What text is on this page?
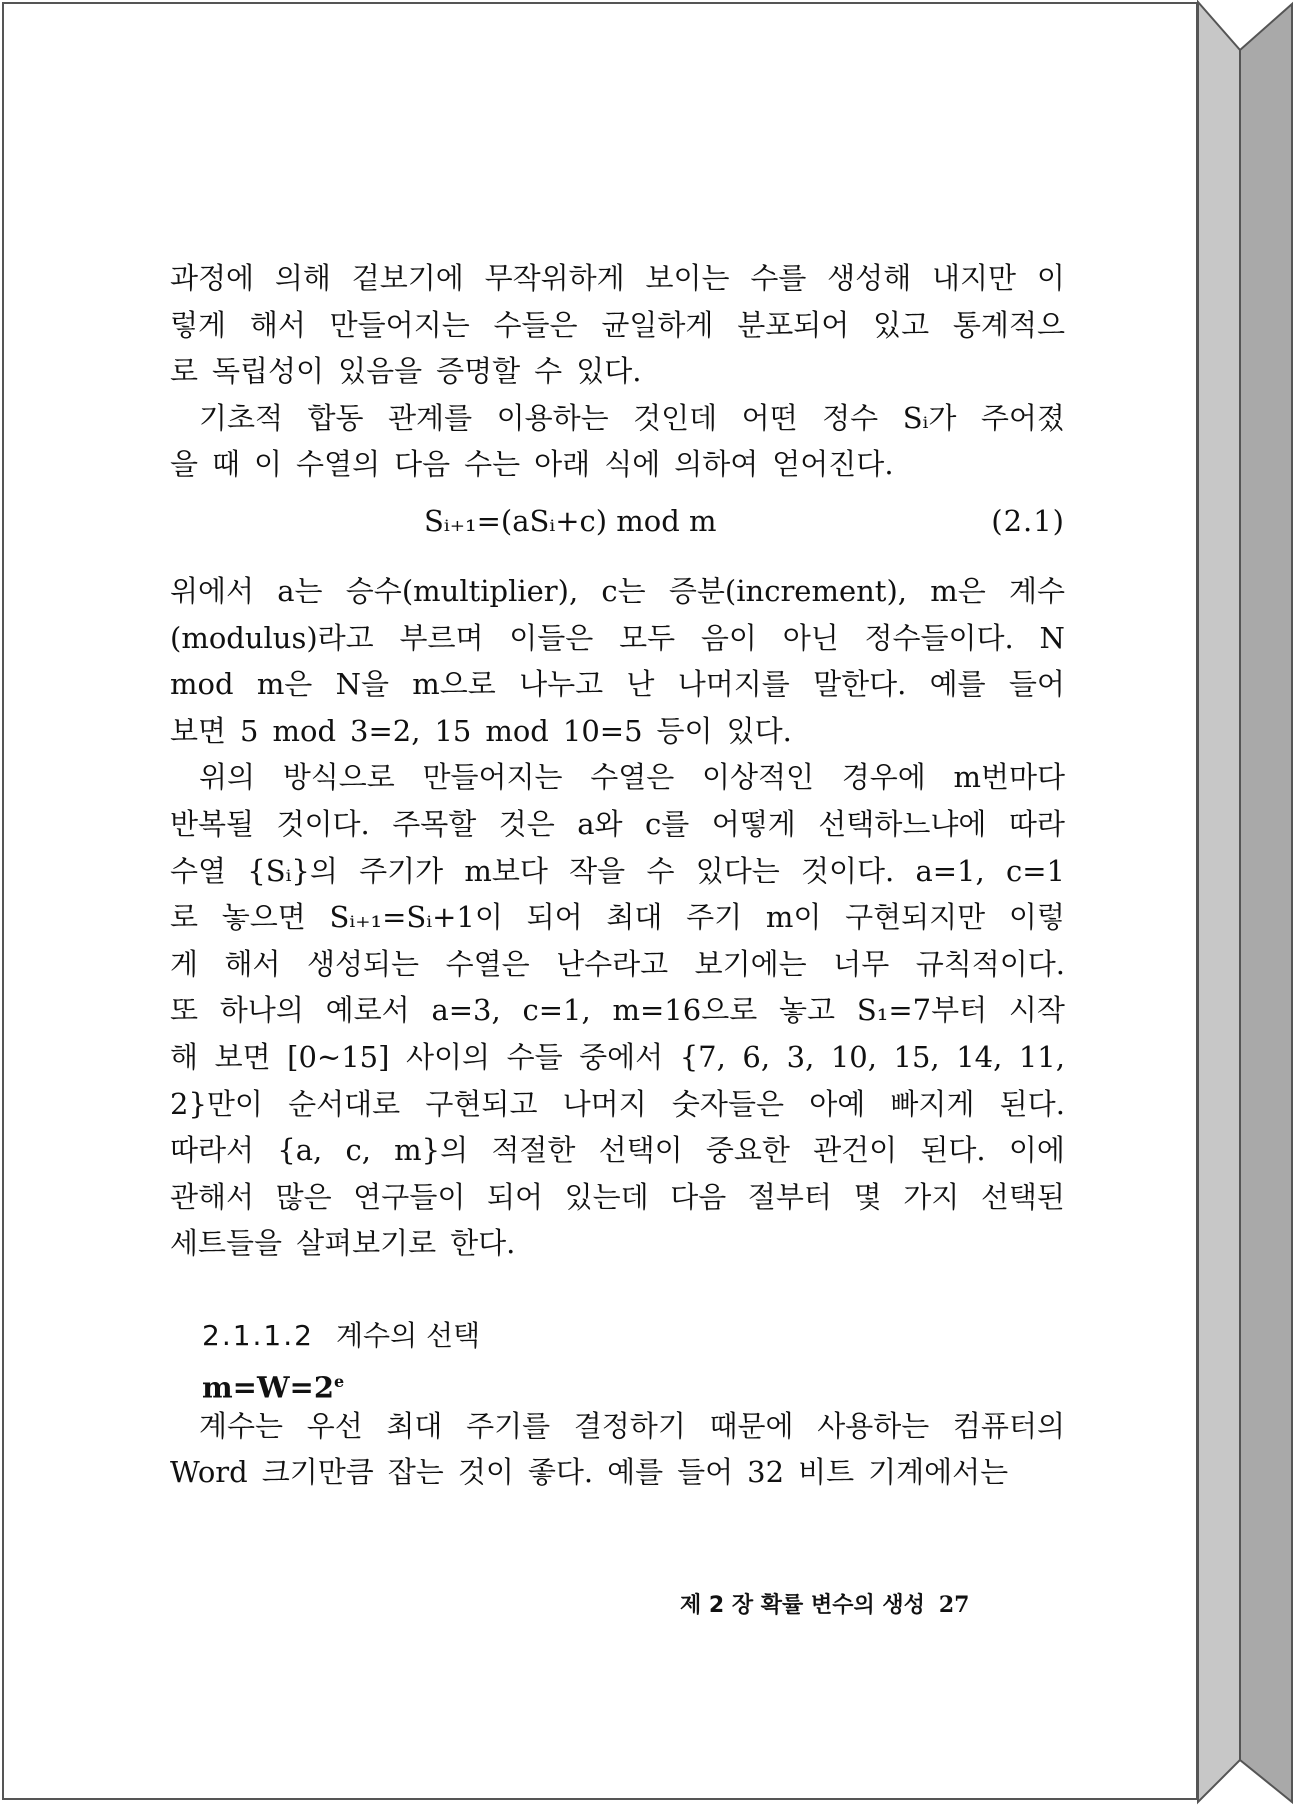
과정에 의해 겉보기에 무작위하게 보이는 수를 생성해 내지만 이
렇게 해서 만들어지는 수들은 균일하게 분포되어 있고 통계적으
로 독립성이 있음을 증명할 수 있다.
　기초적 합동 관계를 이용하는 것인데 어떤 정수 Sᵢ가 주어졌
을 때 이 수열의 다음 수는 아래 식에 의하여 얻어진다.
Sᵢ₊₁=(aSᵢ+c) mod m	(2.1)
위에서 a는 승수(multiplier), c는 증분(increment), m은 계수
(modulus)라고 부르며 이들은 모두 음이 아닌 정수들이다. N
mod m은 N을 m으로 나누고 난 나머지를 말한다. 예를 들어
보면 5 mod 3=2, 15 mod 10=5 등이 있다.
　위의 방식으로 만들어지는 수열은 이상적인 경우에 m번마다
반복될 것이다. 주목할 것은 a와 c를 어떻게 선택하느냐에 따라
수열 {Sᵢ}의 주기가 m보다 작을 수 있다는 것이다. a=1, c=1
로 놓으면 Sᵢ₊₁=Sᵢ+1이 되어 최대 주기 m이 구현되지만 이렇
게 해서 생성되는 수열은 난수라고 보기에는 너무 규칙적이다.
또 하나의 예로서 a=3, c=1, m=16으로 놓고 S₁=7부터 시작
해 보면 [0~15] 사이의 수들 중에서 {7, 6, 3, 10, 15, 14, 11,
2}만이 순서대로 구현되고 나머지 숫자들은 아예 빠지게 된다.
따라서 {a, c, m}의 적절한 선택이 중요한 관건이 된다. 이에
관해서 많은 연구들이 되어 있는데 다음 절부터 몇 가지 선택된
세트들을 살펴보기로 한다.
2.1.1.2 계수의 선택
$m=W=2^e$
　계수는 우선 최대 주기를 결정하기 때문에 사용하는 컴퓨터의
Word 크기만큼 잡는 것이 좋다. 예를 들어 32 비트 기계에서는
제 2 장 확률 변수의 생성 27
